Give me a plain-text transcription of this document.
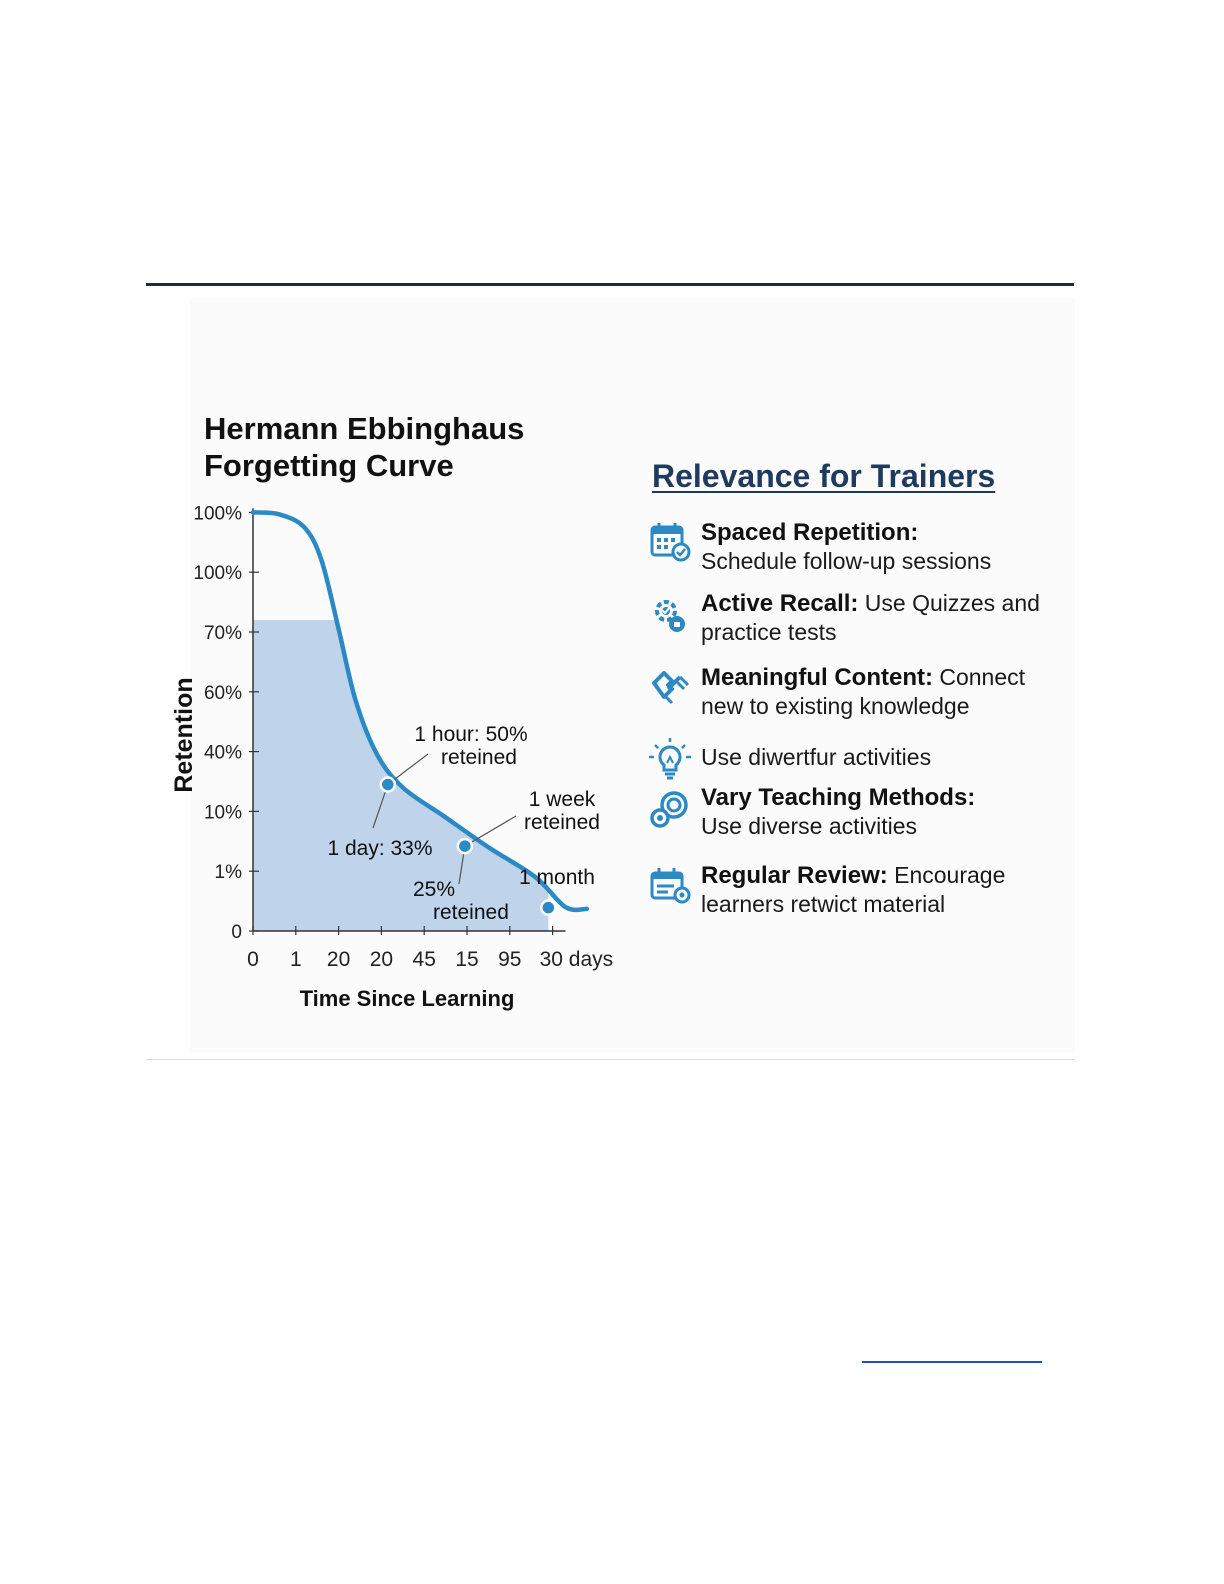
Hermann Ebbinghaus
Forgetting Curve
100%
100%
70%
60%
40%
10%
1%
0
0 1 20 20 45 15 95 30 days
Time Since Learning
Retention	1 hour: 50%
reteined
1 week
reteined
1 day: 33%
25%
reteined
1 month
Relevance for Trainers
Spaced Repetition:
Schedule follow-up sessions
Active Recall: Use Quizzes and practice tests
Meaningful Content: Connect new to existing knowledge
Use diwertfur activities
Vary Teaching Methods:
Use diverse activities
Regular Review: Encourage learners retwict material
